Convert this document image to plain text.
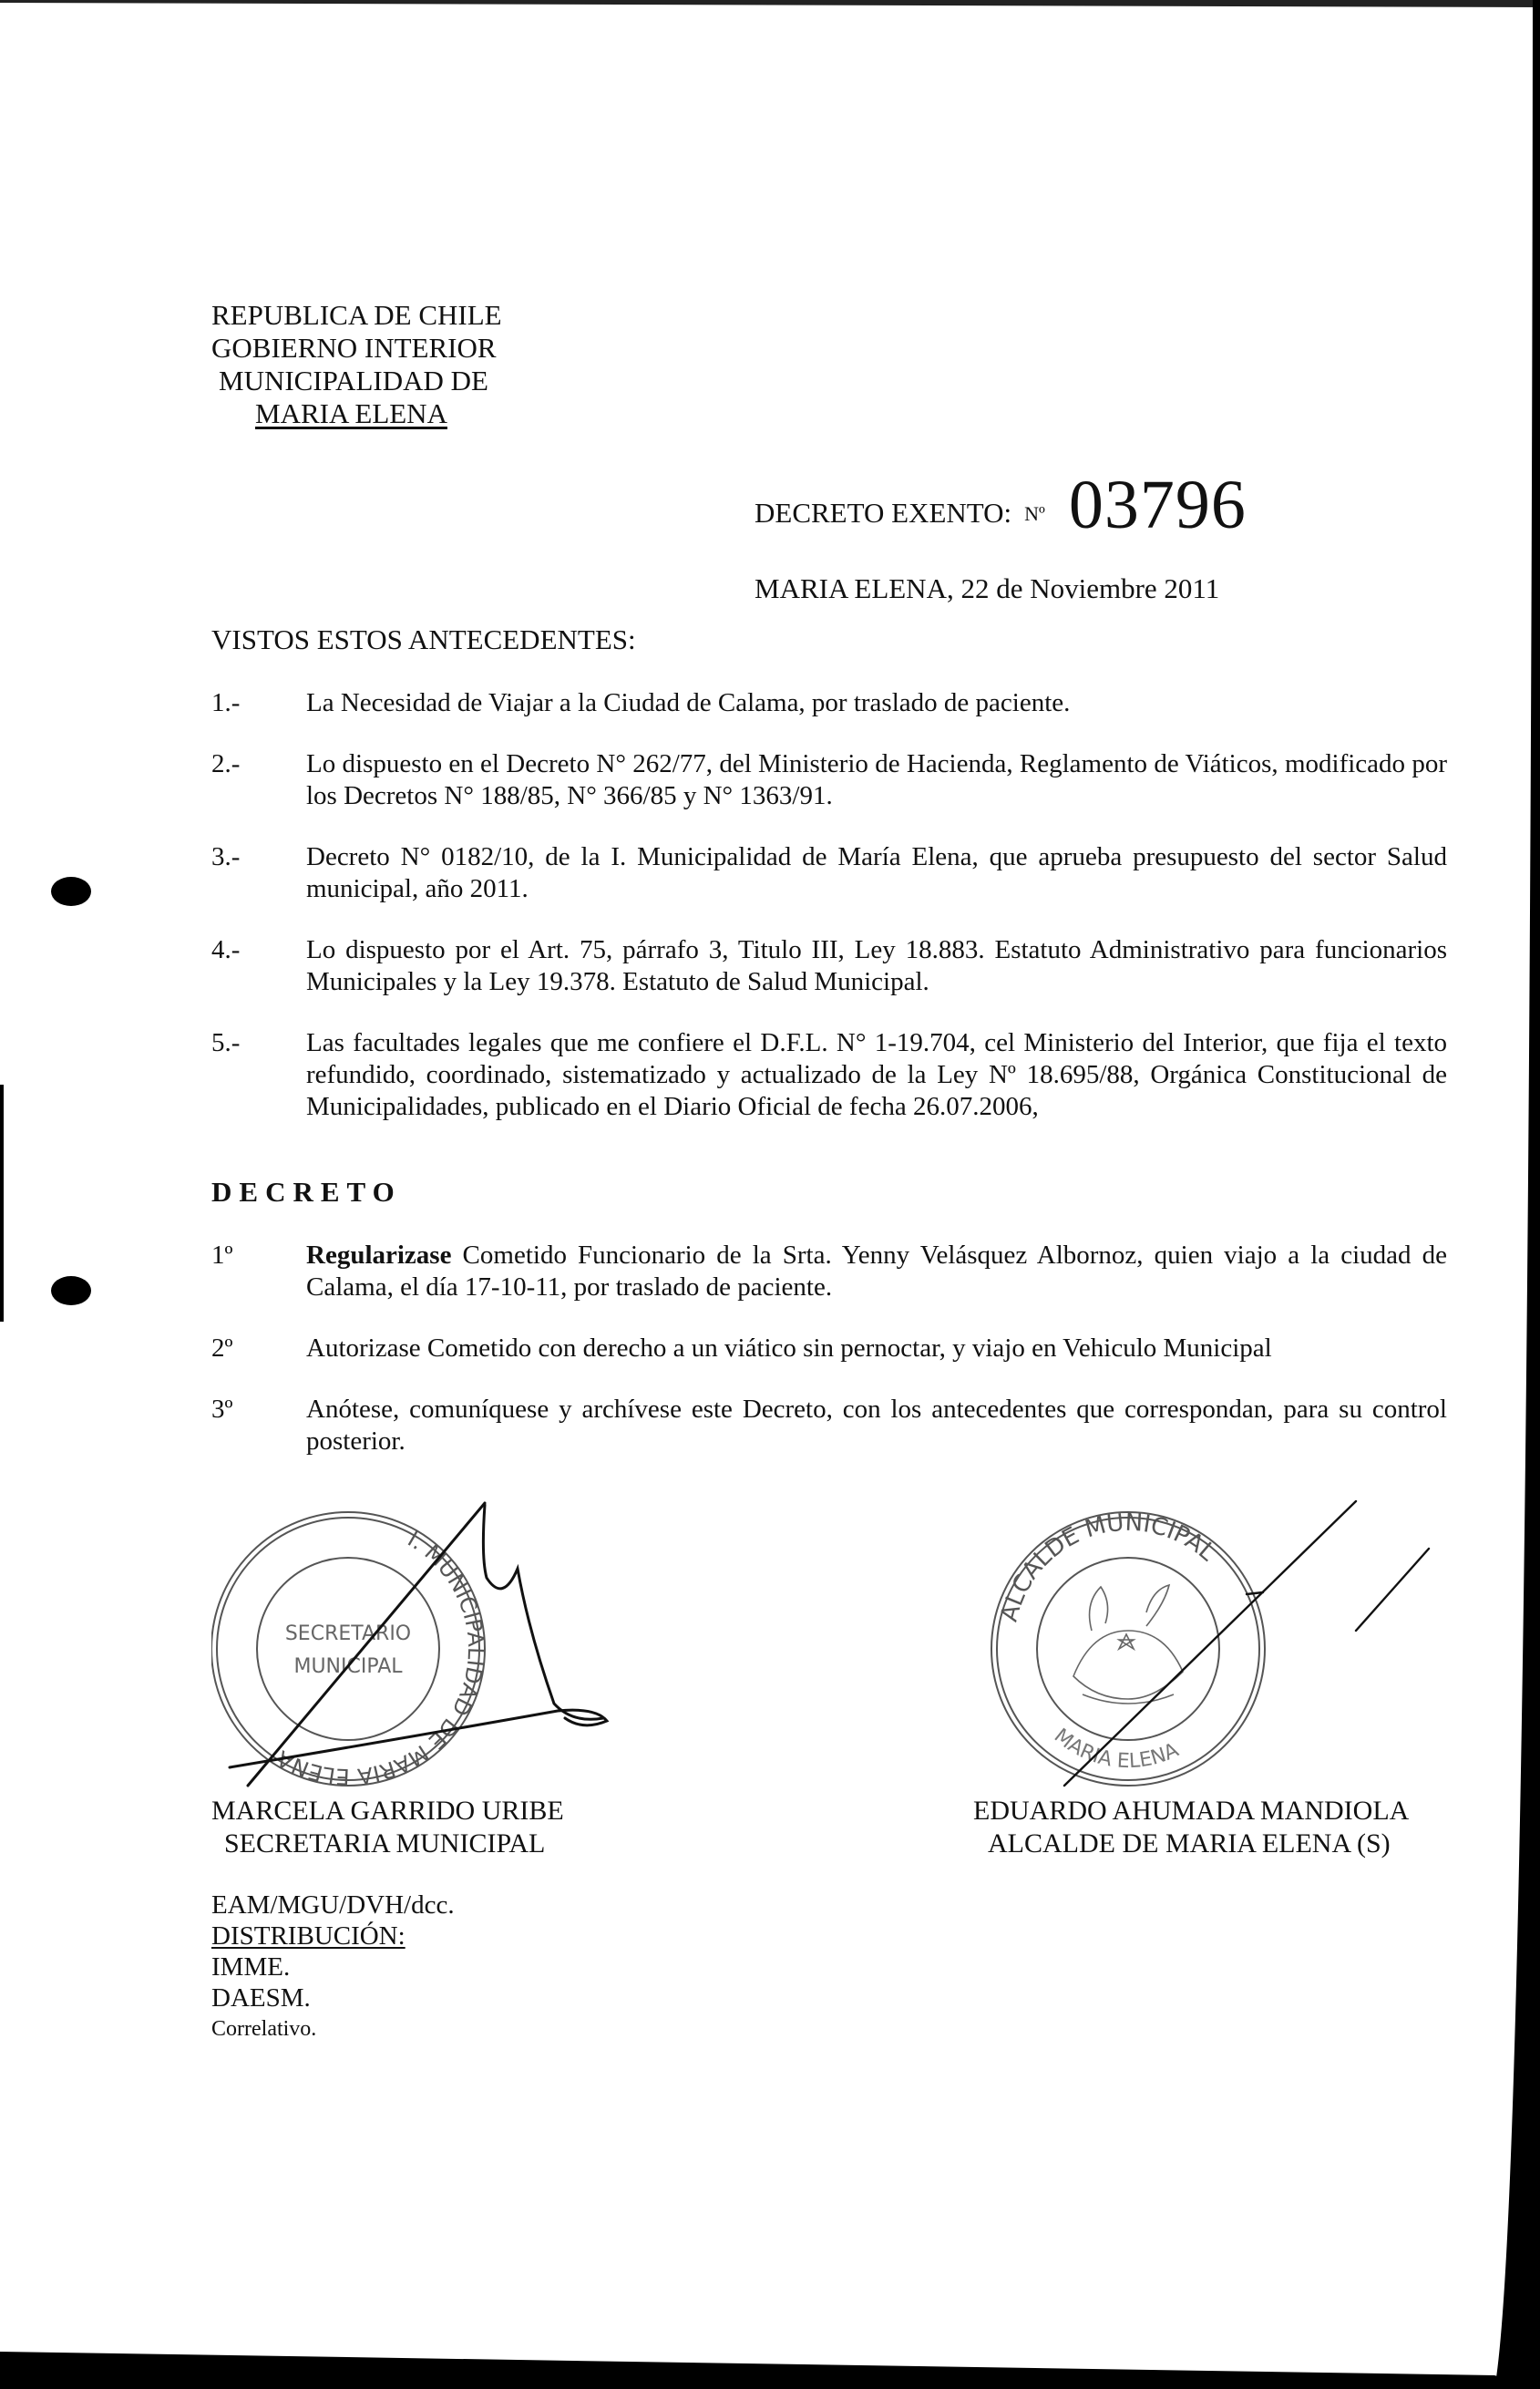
REPUBLICA DE CHILE
GOBIERNO INTERIOR
MUNICIPALIDAD DE
MARIA ELENA
DECRETO EXENTO: Nº 03796
MARIA ELENA, 22 de Noviembre 2011
VISTOS ESTOS ANTECEDENTES:
1.-	La Necesidad de Viajar a la Ciudad de Calama, por traslado de paciente.
2.-	Lo dispuesto en el Decreto N° 262/77, del Ministerio de Hacienda, Reglamento de Viáticos, modificado por los Decretos N° 188/85, N° 366/85 y N° 1363/91.
3.-	Decreto N° 0182/10, de la I. Municipalidad de María Elena, que aprueba presupuesto del sector Salud municipal, año 2011.
4.-	Lo dispuesto por el Art. 75, párrafo 3, Titulo III, Ley 18.883. Estatuto Administrativo para funcionarios Municipales y la Ley 19.378. Estatuto de Salud Municipal.
5.-	Las facultades legales que me confiere el D.F.L. N° 1-19.704, cel Ministerio del Interior, que fija el texto refundido, coordinado, sistematizado y actualizado de la Ley Nº 18.695/88, Orgánica Constitucional de Municipalidades, publicado en el Diario Oficial de fecha 26.07.2006,
DECRETO
1º	Regularizase Cometido Funcionario de la Srta. Yenny Velásquez Albornoz, quien viajo a la ciudad de Calama, el día 17-10-11, por traslado de paciente.
2º	Autorizase Cometido con derecho a un viático sin pernoctar, y viajo en Vehiculo Municipal
3º	Anótese, comuníquese y archívese este Decreto, con los antecedentes que correspondan, para su control posterior.
I. MUNICIPALIDAD DE MARIA ELENA
SECRETARIO
MUNICIPAL
MARCELA GARRIDO URIBE
SECRETARIA MUNICIPAL
ALCALDE MUNICIPAL
MARIA ELENA
EDUARDO AHUMADA MANDIOLA
ALCALDE DE MARIA ELENA (S)
EAM/MGU/DVH/dcc.
DISTRIBUCIÓN:
IMME.
DAESM.
Correlativo.
